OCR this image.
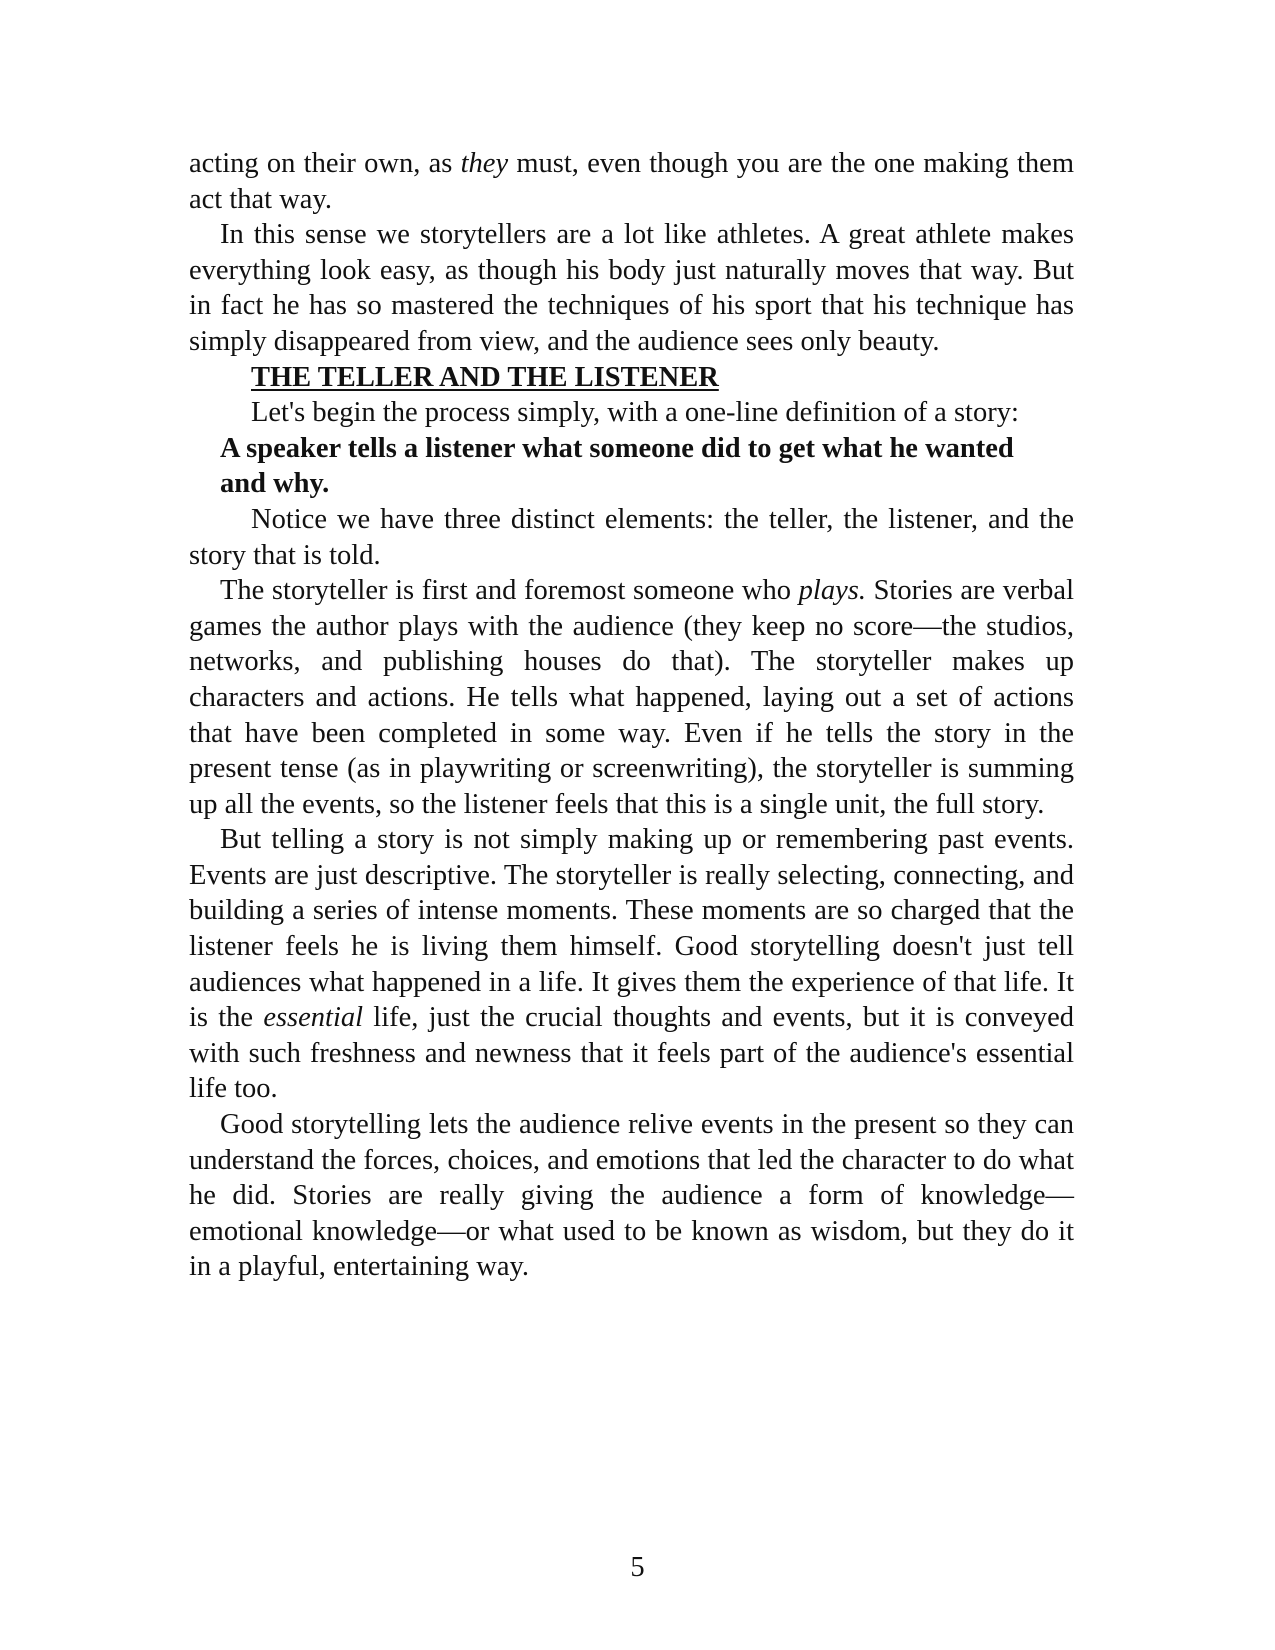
acting on their own, as they must, even though you are the one making them act that way.

In this sense we storytellers are a lot like athletes. A great athlete makes everything look easy, as though his body just naturally moves that way. But in fact he has so mastered the techniques of his sport that his technique has simply disappeared from view, and the audience sees only beauty.

THE TELLER AND THE LISTENER

Let's begin the process simply, with a one-line definition of a story:

A speaker tells a listener what someone did to get what he wanted

and why.

Notice we have three distinct elements: the teller, the listener, and the story that is told.

The storyteller is first and foremost someone who plays. Stories are verbal games the author plays with the audience (they keep no score—the studios, networks, and publishing houses do that). The storyteller makes up characters and actions. He tells what happened, laying out a set of actions that have been completed in some way. Even if he tells the story in the present tense (as in playwriting or screenwriting), the storyteller is summing up all the events, so the listener feels that this is a single unit, the full story.

But telling a story is not simply making up or remembering past events. Events are just descriptive. The storyteller is really selecting, connecting, and building a series of intense moments. These moments are so charged that the listener feels he is living them himself. Good storytelling doesn't just tell audiences what happened in a life. It gives them the experience of that life. It is the essential life, just the crucial thoughts and events, but it is conveyed with such freshness and newness that it feels part of the audience's essential life too.

Good storytelling lets the audience relive events in the present so they can understand the forces, choices, and emotions that led the character to do what he did. Stories are really giving the audience a form of knowledge—emotional knowledge—or what used to be known as wisdom, but they do it in a playful, entertaining way.

5
